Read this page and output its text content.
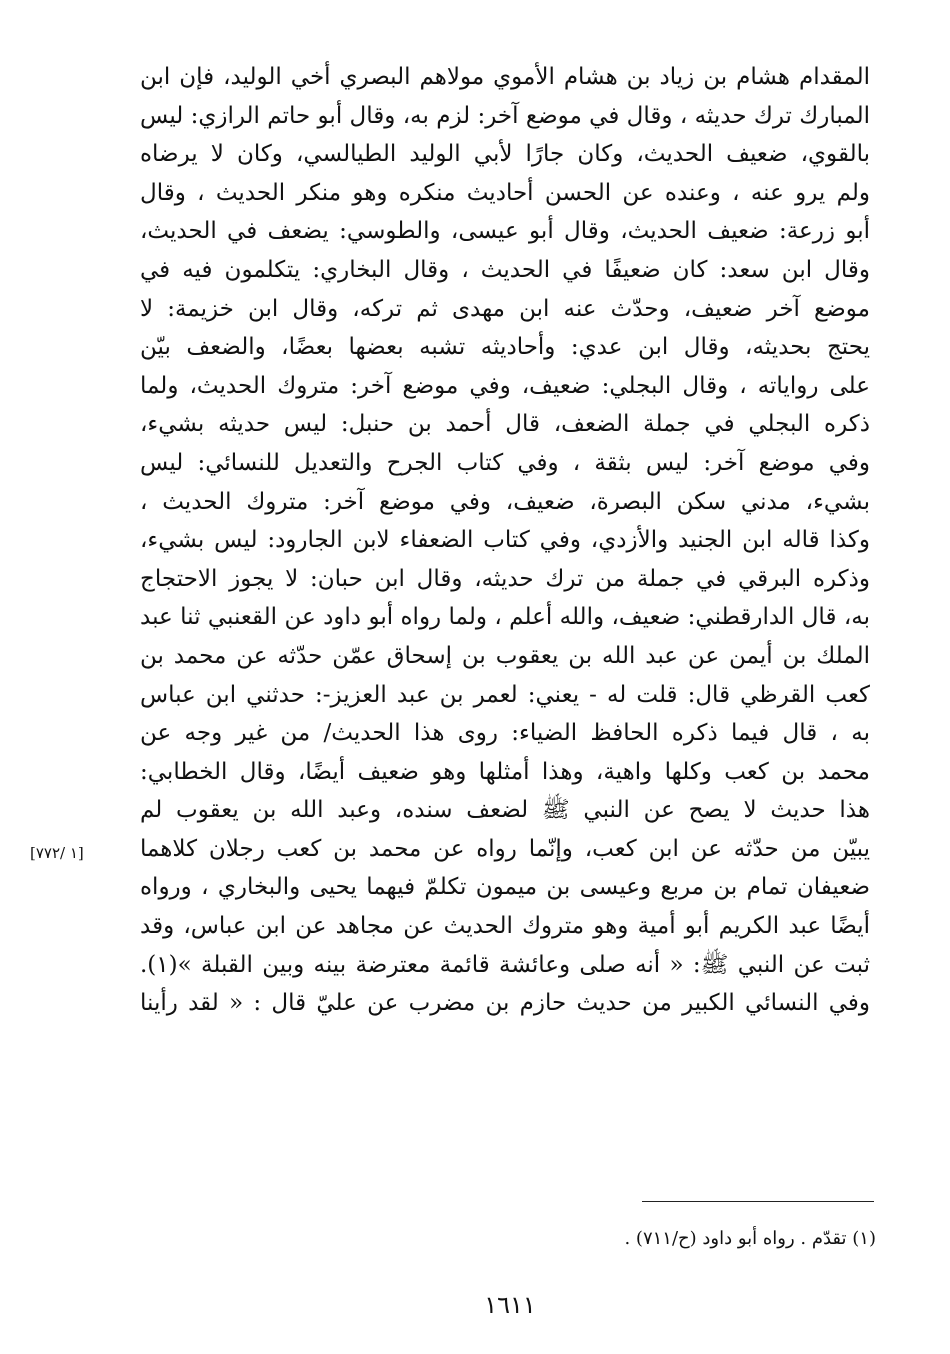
المقدام هشام بن زياد بن هشام الأموي مولاهم البصري أخي الوليد، فإن ابن
المبارك ترك حديثه ، وقال في موضع آخر: لزم به، وقال أبو حاتم الرازي: ليس
بالقوي، ضعيف الحديث، وكان جارًا لأبي الوليد الطيالسي، وكان لا يرضاه
ولم يرو عنه ، وعنده عن الحسن أحاديث منكره وهو منكر الحديث ، وقال
أبو زرعة: ضعيف الحديث، وقال أبو عيسى، والطوسي: يضعف في الحديث،
وقال ابن سعد: كان ضعيفًا في الحديث ، وقال البخاري: يتكلمون فيه في
موضع آخر ضعيف، وحدّث عنه ابن مهدى ثم تركه، وقال ابن خزيمة: لا
يحتج بحديثه، وقال ابن عدي: وأحاديثه تشبه بعضها بعضًا، والضعف بيّن
على رواياته ، وقال البجلي: ضعيف، وفي موضع آخر: متروك الحديث، ولما
ذكره البجلي في جملة الضعف، قال أحمد بن حنبل: ليس حديثه بشيء،
وفي موضع آخر: ليس بثقة ، وفي كتاب الجرح والتعديل للنسائي: ليس
بشيء، مدني سكن البصرة، ضعيف، وفي موضع آخر: متروك الحديث ،
وكذا قاله ابن الجنيد والأزدي، وفي كتاب الضعفاء لابن الجارود: ليس بشيء،
وذكره البرقي في جملة من ترك حديثه، وقال ابن حبان: لا يجوز الاحتجاج
به، قال الدارقطني: ضعيف، والله أعلم ، ولما رواه أبو داود عن القعنبي ثنا عبد
الملك بن أيمن عن عبد الله بن يعقوب بن إسحاق عمّن حدّثه عن محمد بن
كعب القرظي قال: قلت له - يعني: لعمر بن عبد العزيز-: حدثني ابن عباس
به ، قال فيما ذكره الحافظ الضياء: روى هذا الحديث/ من غير وجه عن
محمد بن كعب وكلها واهية، وهذا أمثلها وهو ضعيف أيضًا، وقال الخطابي:
هذا حديث لا يصح عن النبي ﷺ لضعف سنده، وعبد الله بن يعقوب لم
يبيّن من حدّثه عن ابن كعب، وإنّما رواه عن محمد بن كعب رجلان كلاهما
ضعيفان تمام بن مربع وعيسى بن ميمون تكلمّ فيهما يحيى والبخاري ، ورواه
أيضًا عبد الكريم أبو أمية وهو متروك الحديث عن مجاهد عن ابن عباس، وقد
ثبت عن النبي ﷺ: « أنه صلى وعائشة قائمة معترضة بينه وبين القبلة »(١).
وفي النسائي الكبير من حديث حازم بن مضرب عن عليّ قال : « لقد رأينا
[١ /٧٧٢]
(١) تقدّم . رواه أبو داود (ح/٧١١) .
١٦١١
